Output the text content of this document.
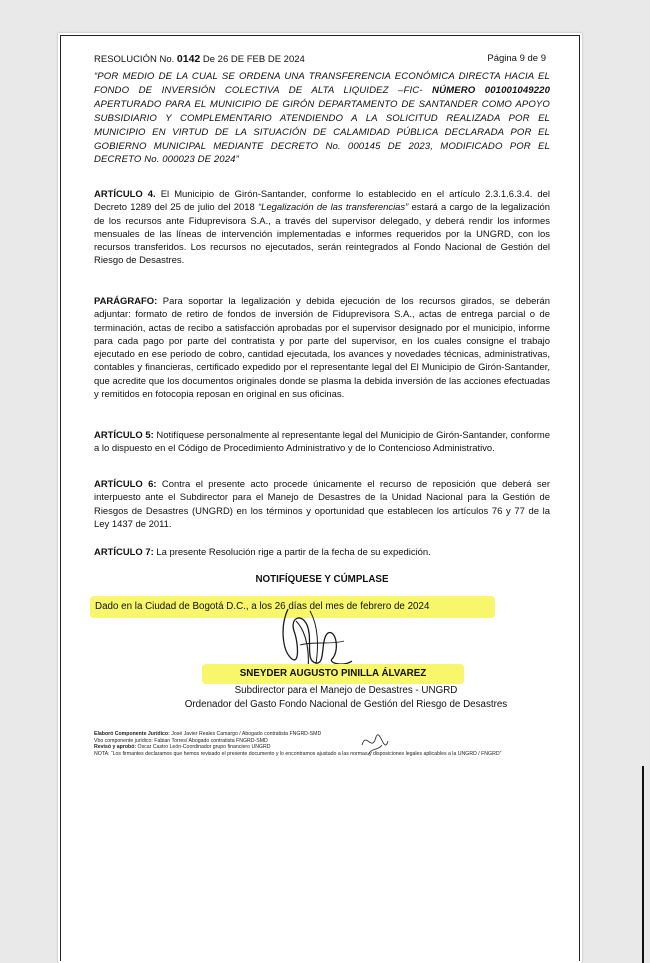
RESOLUCIÓN No. 0142 De 26 DE FEB DE 2024	Página 9 de 9
“POR MEDIO DE LA CUAL SE ORDENA UNA TRANSFERENCIA ECONÓMICA DIRECTA HACIA EL FONDO DE INVERSIÓN COLECTIVA DE ALTA LIQUIDEZ –FIC- NÚMERO 001001049220 APERTURADO PARA EL MUNICIPIO DE GIRÓN DEPARTAMENTO DE SANTANDER COMO APOYO SUBSIDIARIO Y COMPLEMENTARIO ATENDIENDO A LA SOLICITUD REALIZADA POR EL MUNICIPIO EN VIRTUD DE LA SITUACIÓN DE CALAMIDAD PÚBLICA DECLARADA POR EL GOBIERNO MUNICIPAL MEDIANTE DECRETO No. 000145 DE 2023, MODIFICADO POR EL DECRETO No. 000023 DE 2024”
ARTÍCULO 4. El Municipio de Girón-Santander, conforme lo establecido en el artículo 2.3.1.6.3.4. del Decreto 1289 del 25 de julio del 2018 “Legalización de las transferencias” estará a cargo de la legalización de los recursos ante Fiduprevisora S.A., a través del supervisor delegado, y deberá rendir los informes mensuales de las líneas de intervención implementadas e informes requeridos por la UNGRD, con los recursos transferidos. Los recursos no ejecutados, serán reintegrados al Fondo Nacional de Gestión del Riesgo de Desastres.
PARÁGRAFO: Para soportar la legalización y debida ejecución de los recursos girados, se deberán adjuntar: formato de retiro de fondos de inversión de Fiduprevisora S.A., actas de entrega parcial o de terminación, actas de recibo a satisfacción aprobadas por el supervisor designado por el municipio, informe para cada pago por parte del contratista y por parte del supervisor, en los cuales consigne el trabajo ejecutado en ese periodo de cobro, cantidad ejecutada, los avances y novedades técnicas, administrativas, contables y financieras, certificado expedido por el representante legal del El Municipio de Girón-Santander, que acredite que los documentos originales donde se plasma la debida inversión de las acciones efectuadas y remitidos en fotocopia reposan en original en sus oficinas.
ARTÍCULO 5: Notifíquese personalmente al representante legal del Municipio de Girón-Santander, conforme a lo dispuesto en el Código de Procedimiento Administrativo y de lo Contencioso Administrativo.
ARTÍCULO 6: Contra el presente acto procede únicamente el recurso de reposición que deberá ser interpuesto ante el Subdirector para el Manejo de Desastres de la Unidad Nacional para la Gestión de Riesgos de Desastres (UNGRD) en los términos y oportunidad que establecen los artículos 76 y 77 de la Ley 1437 de 2011.
ARTÍCULO 7: La presente Resolución rige a partir de la fecha de su expedición.
NOTIFÍQUESE Y CÚMPLASE
Dado en la Ciudad de Bogotá D.C., a los 26 días del mes de febrero de 2024
SNEYDER AUGUSTO PINILLA ÁLVAREZ
Subdirector para el Manejo de Desastres - UNGRD
Ordenador del Gasto Fondo Nacional de Gestión del Riesgo de Desastres
Elaboró Componente Jurídico: José Javier Reales Camargo / Abogado contratista FNGRD-SMD
Vbo componente jurídico: Fabian Torres/ Abogado contratista FNGRD-SMD
Revisó y aprobó: Oscar Castro León-Coordinador grupo financiero UNGRD
NOTA: “Los firmantes declaramos que hemos revisado el presente documento y lo encontramos ajustado a las normas y disposiciones legales aplicables a la UNGRD / FNGRD”
